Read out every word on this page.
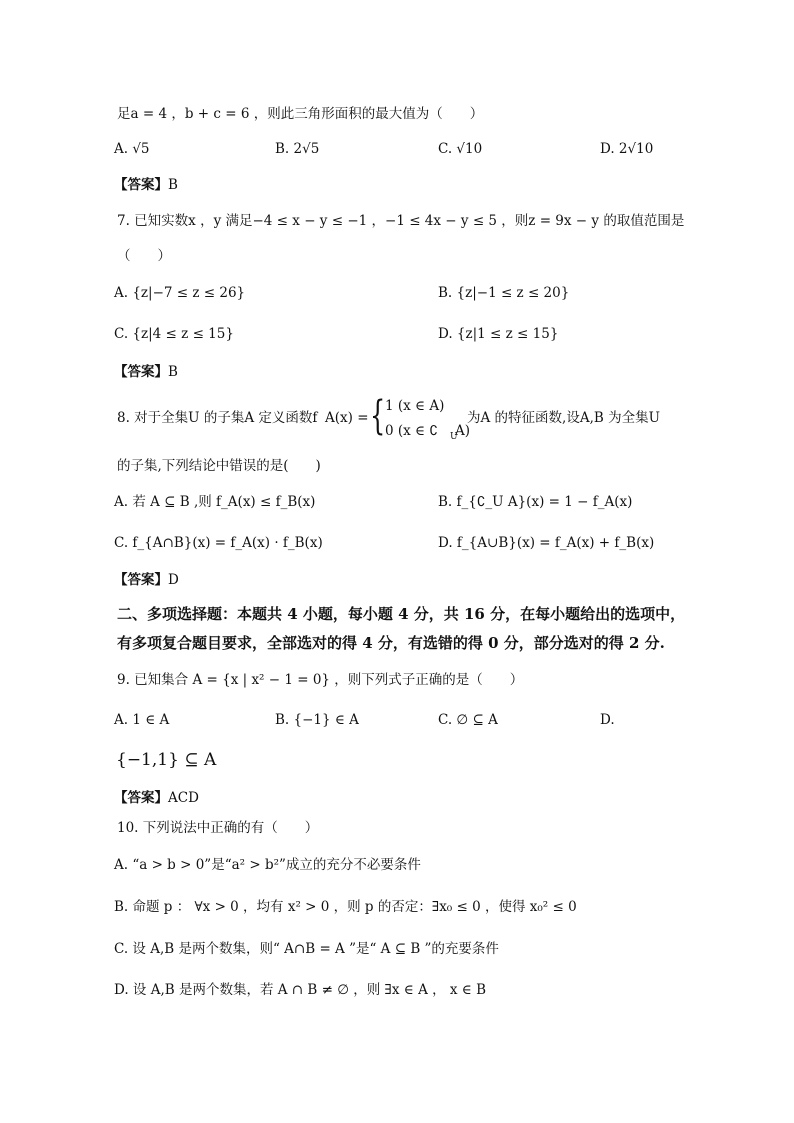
足a = 4 ，b + c = 6 ，则此三角形面积的最大值为（　　）
A. √5	B. 2√5	C. √10	D. 2√10
【答案】B
7. 已知实数x ，y 满足−4 ≤ x − y ≤ −1 ，−1 ≤ 4x − y ≤ 5 ，则z = 9x − y 的取值范围是
（　　）
A. {z|−7 ≤ z ≤ 26}	B. {z|−1 ≤ z ≤ 20}
C. {z|4 ≤ z ≤ 15}	D. {z|1 ≤ z ≤ 15}
【答案】B
8. 对于全集U 的子集A 定义函数f
A(x) = { 1 (x ∈ A)
0 (x ∈ ∁ U
A)
为A 的特征函数,设A,B 为全集U
的子集,下列结论中错误的是(　　)
A. 若 A ⊆ B ,则 f_A(x) ≤ f_B(x)	B. f_{∁_U A}(x) = 1 − f_A(x)
C. f_{A∩B}(x) = f_A(x) · f_B(x)	D. f_{A∪B}(x) = f_A(x) + f_B(x)
【答案】D
二、多项选择题：本题共 4 小题，每小题 4 分，共 16 分，在每小题给出的选项中，
有多项复合题目要求，全部选对的得 4 分，有选错的得 0 分，部分选对的得 2 分.
9. 已知集合 A = {x | x² − 1 = 0} ，则下列式子正确的是（　　）
A. 1 ∈ A	B. {−1} ∈ A	C. ∅ ⊆ A	D.
{−1,1} ⊆ A
【答案】ACD
10. 下列说法中正确的有（　　）
A. “a > b > 0”是“a² > b²”成立的充分不必要条件
B. 命题 p ： ∀x > 0 ，均有 x² > 0 ，则 p 的否定：∃x₀ ≤ 0 ，使得 x₀² ≤ 0
C. 设 A,B 是两个数集，则“ A∩B = A ”是“ A ⊆ B ”的充要条件
D. 设 A,B 是两个数集，若 A ∩ B ≠ ∅ ，则 ∃x ∈ A ， x ∈ B
